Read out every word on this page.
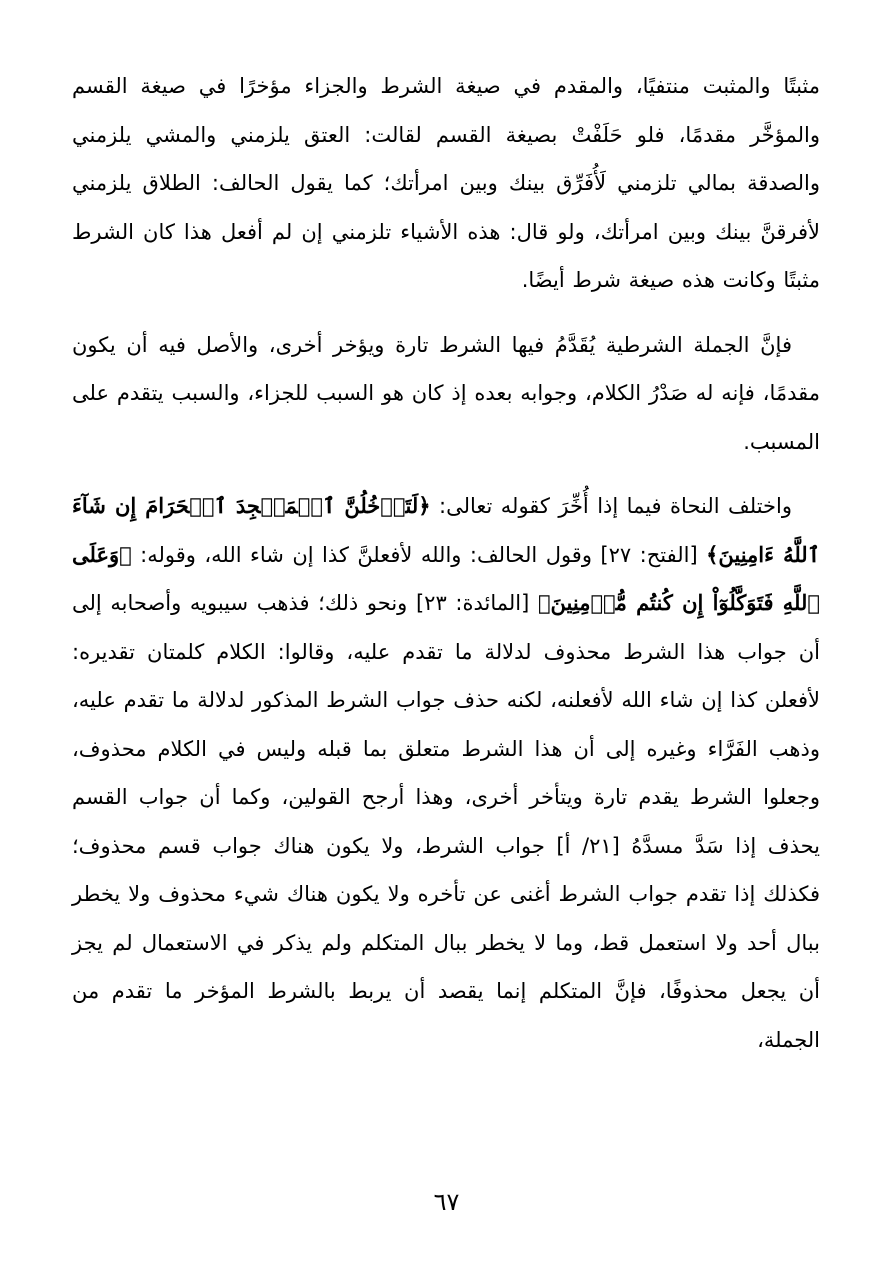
مثبتًا والمثبت منتفيًا، والمقدم في صيغة الشرط والجزاء مؤخرًا في صيغة القسم والمؤخَّر مقدمًا، فلو حَلَفْتْ بصيغة القسم لقالت: العتق يلزمني والمشي يلزمني والصدقة بمالي تلزمني لَأُفَرِّق بينك وبين امرأتك؛ كما يقول الحالف: الطلاق يلزمني لأفرقنَّ بينك وبين امرأتك، ولو قال: هذه الأشياء تلزمني إن لم أفعل هذا كان الشرط مثبتًا وكانت هذه صيغة شرط أيضًا.

فإنَّ الجملة الشرطية يُقَدَّمُ فيها الشرط تارة ويؤخر أخرى، والأصل فيه أن يكون مقدمًا، فإنه له صَدْرُ الكلام، وجوابه بعده إذ كان هو السبب للجزاء، والسبب يتقدم على المسبب.

واختلف النحاة فيما إذا أُخِّرَ كقوله تعالى: ﴿لَتَدۡخُلُنَّ ٱلۡمَسۡجِدَ ٱلۡحَرَامَ إِن شَآءَ ٱللَّهُ ءَامِنِينَ﴾ [الفتح: ٢٧] وقول الحالف: والله لأفعلنَّ كذا إن شاء الله، وقوله: ﴿وَعَلَى ٱللَّهِ فَتَوَكَّلُوٓاْ إِن كُنتُم مُّؤۡمِنِينَ﴾ [المائدة: ٢٣] ونحو ذلك؛ فذهب سيبويه وأصحابه إلى أن جواب هذا الشرط محذوف لدلالة ما تقدم عليه، وقالوا: الكلام كلمتان تقديره: لأفعلن كذا إن شاء الله لأفعلنه، لكنه حذف جواب الشرط المذكور لدلالة ما تقدم عليه، وذهب الفَرَّاء وغيره إلى أن هذا الشرط متعلق بما قبله وليس في الكلام محذوف، وجعلوا الشرط يقدم تارة ويتأخر أخرى، وهذا أرجح القولين، وكما أن جواب القسم يحذف إذا سَدَّ مسدَّهُ [٢١/ أ] جواب الشرط، ولا يكون هناك جواب قسم محذوف؛ فكذلك إذا تقدم جواب الشرط أغنى عن تأخره ولا يكون هناك شيء محذوف ولا يخطر ببال أحد ولا استعمل قط، وما لا يخطر ببال المتكلم ولم يذكر في الاستعمال لم يجز أن يجعل محذوفًا، فإنَّ المتكلم إنما يقصد أن يربط بالشرط المؤخر ما تقدم من الجملة،

٦٧
